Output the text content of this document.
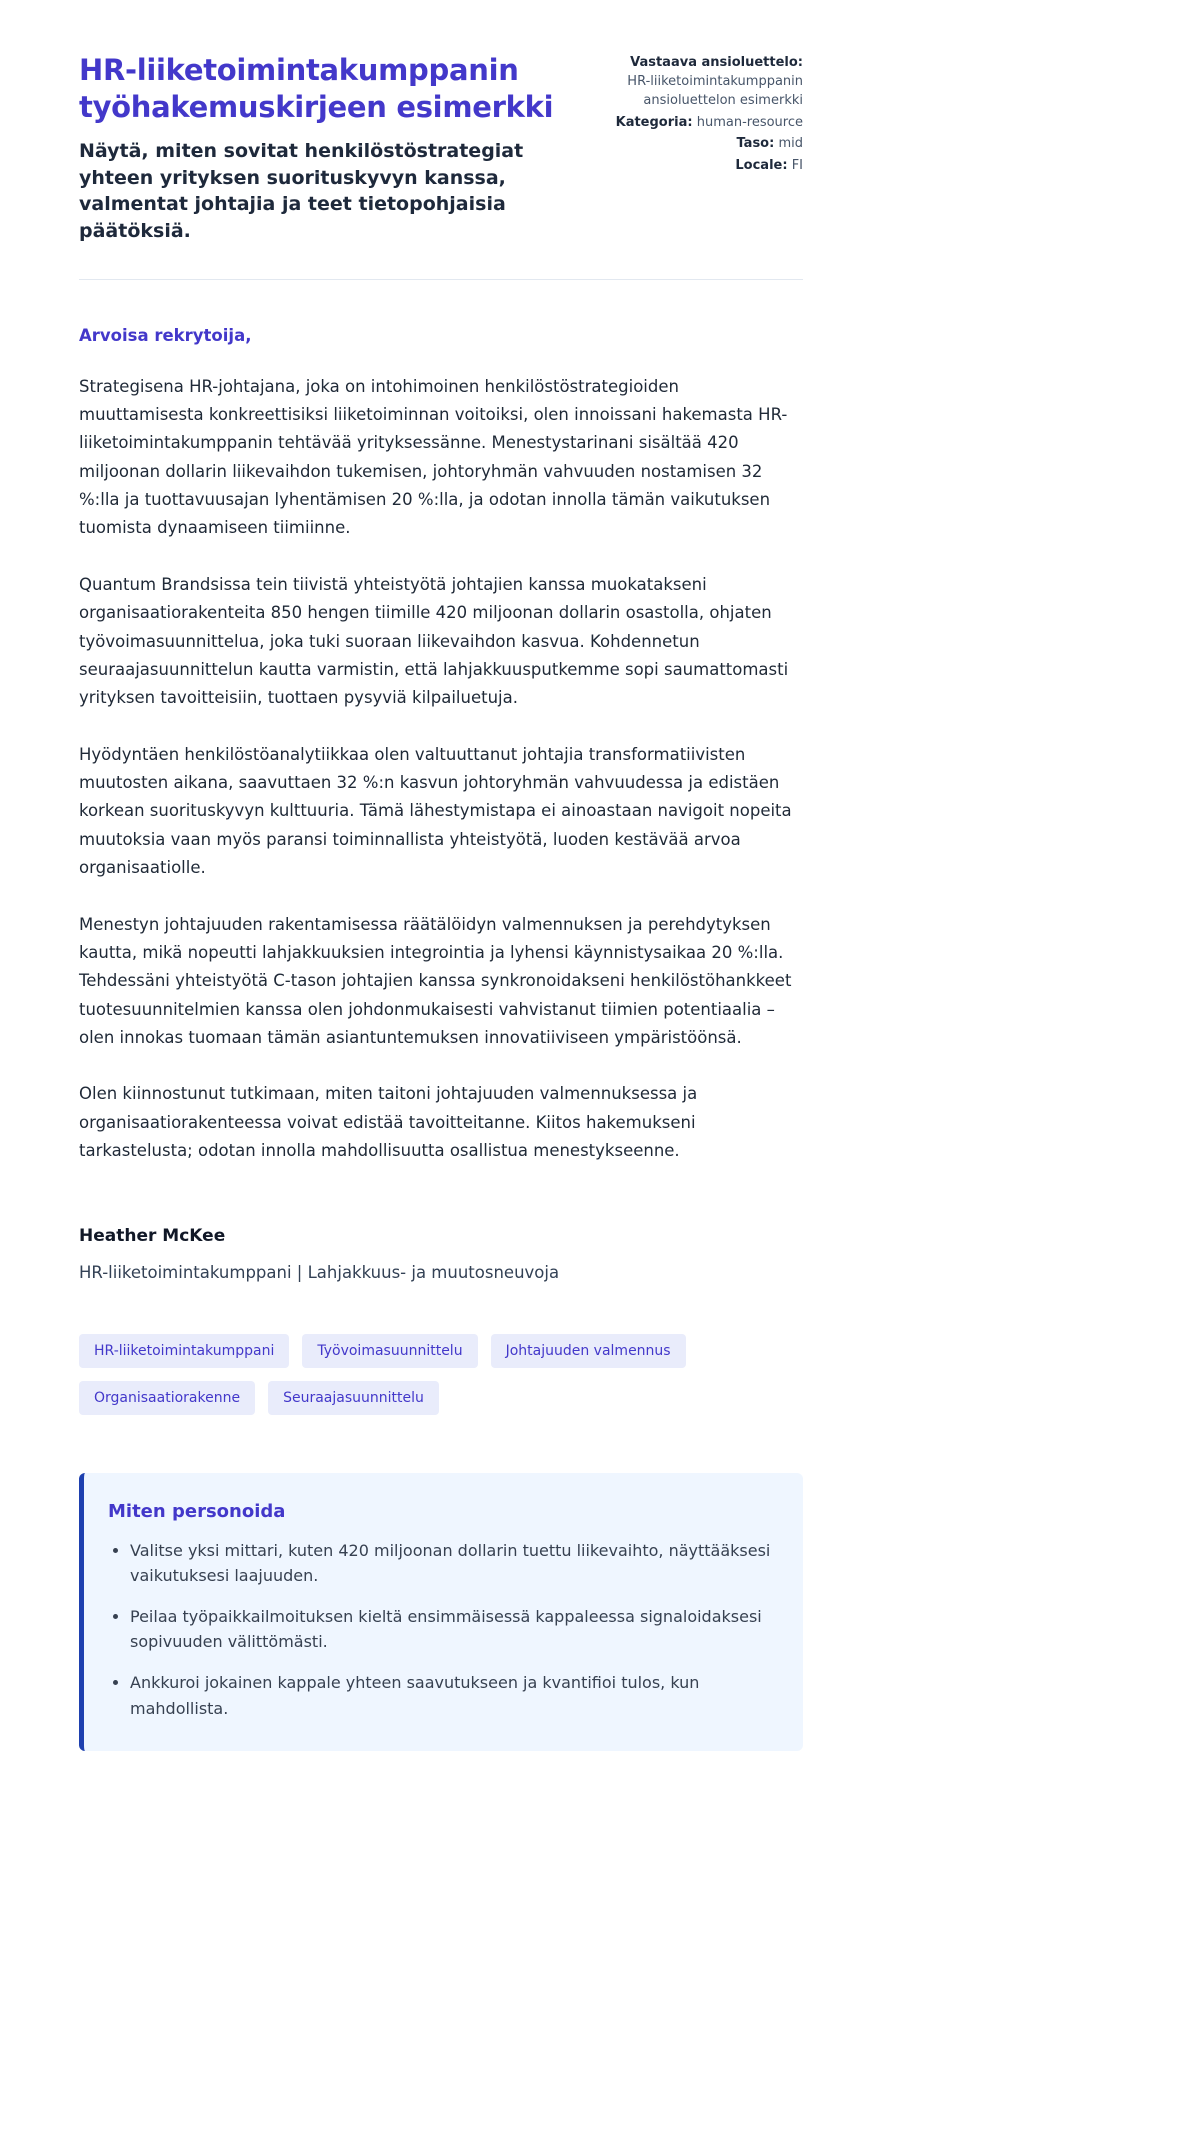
HR-liiketoimintakumppanin työhakemuskirjeen esimerkki

Näytä, miten sovitat henkilöstöstrategiat yhteen yrityksen suorituskyvyn kanssa, valmentat johtajia ja teet tietopohjaisia päätöksiä.

Vastaava ansioluettelo:
HR-liiketoimintakumppanin ansioluettelon esimerkki
Kategoria: human-resource
Taso: mid
Locale: FI

Arvoisa rekrytoija,

Strategisena HR-johtajana, joka on intohimoinen henkilöstöstrategioiden muuttamisesta konkreettisiksi liiketoiminnan voitoiksi, olen innoissani hakemasta HR-liiketoimintakumppanin tehtävää yrityksessänne. Menestystarinani sisältää 420 miljoonan dollarin liikevaihdon tukemisen, johtoryhmän vahvuuden nostamisen 32 %:lla ja tuottavuusajan lyhentämisen 20 %:lla, ja odotan innolla tämän vaikutuksen tuomista dynaamiseen tiimiinne.

Quantum Brandsissa tein tiivistä yhteistyötä johtajien kanssa muokatakseni organisaatiorakenteita 850 hengen tiimille 420 miljoonan dollarin osastolla, ohjaten työvoimasuunnittelua, joka tuki suoraan liikevaihdon kasvua. Kohdennetun seuraajasuunnittelun kautta varmistin, että lahjakkuusputkemme sopi saumattomasti yrityksen tavoitteisiin, tuottaen pysyviä kilpailuetuja.

Hyödyntäen henkilöstöanalytiikkaa olen valtuuttanut johtajia transformatiivisten muutosten aikana, saavuttaen 32 %:n kasvun johtoryhmän vahvuudessa ja edistäen korkean suorituskyvyn kulttuuria. Tämä lähestymistapa ei ainoastaan navigoit nopeita muutoksia vaan myös paransi toiminnallista yhteistyötä, luoden kestävää arvoa organisaatiolle.

Menestyn johtajuuden rakentamisessa räätälöidyn valmennuksen ja perehdytyksen kautta, mikä nopeutti lahjakkuuksien integrointia ja lyhensi käynnistysaikaa 20 %:lla. Tehdessäni yhteistyötä C-tason johtajien kanssa synkronoidakseni henkilöstöhankkeet tuotesuunnitelmien kanssa olen johdonmukaisesti vahvistanut tiimien potentiaalia – olen innokas tuomaan tämän asiantuntemuksen innovatiiviseen ympäristöönsä.

Olen kiinnostunut tutkimaan, miten taitoni johtajuuden valmennuksessa ja organisaatiorakenteessa voivat edistää tavoitteitanne. Kiitos hakemukseni tarkastelusta; odotan innolla mahdollisuutta osallistua menestykseenne.

Heather McKee

HR-liiketoimintakumppani | Lahjakkuus- ja muutosneuvoja

HR-liiketoimintakumppani	Työvoimasuunnittelu	Johtajuuden valmennus
Organisaatiorakenne	Seuraajasuunnittelu
Miten personoida
• Valitse yksi mittari, kuten 420 miljoonan dollarin tuettu liikevaihto, näyttääksesi vaikutuksesi laajuuden.
• Peilaa työpaikkailmoituksen kieltä ensimmäisessä kappaleessa signaloidaksesi sopivuuden välittömästi.
• Ankkuroi jokainen kappale yhteen saavutukseen ja kvantifioi tulos, kun mahdollista.
